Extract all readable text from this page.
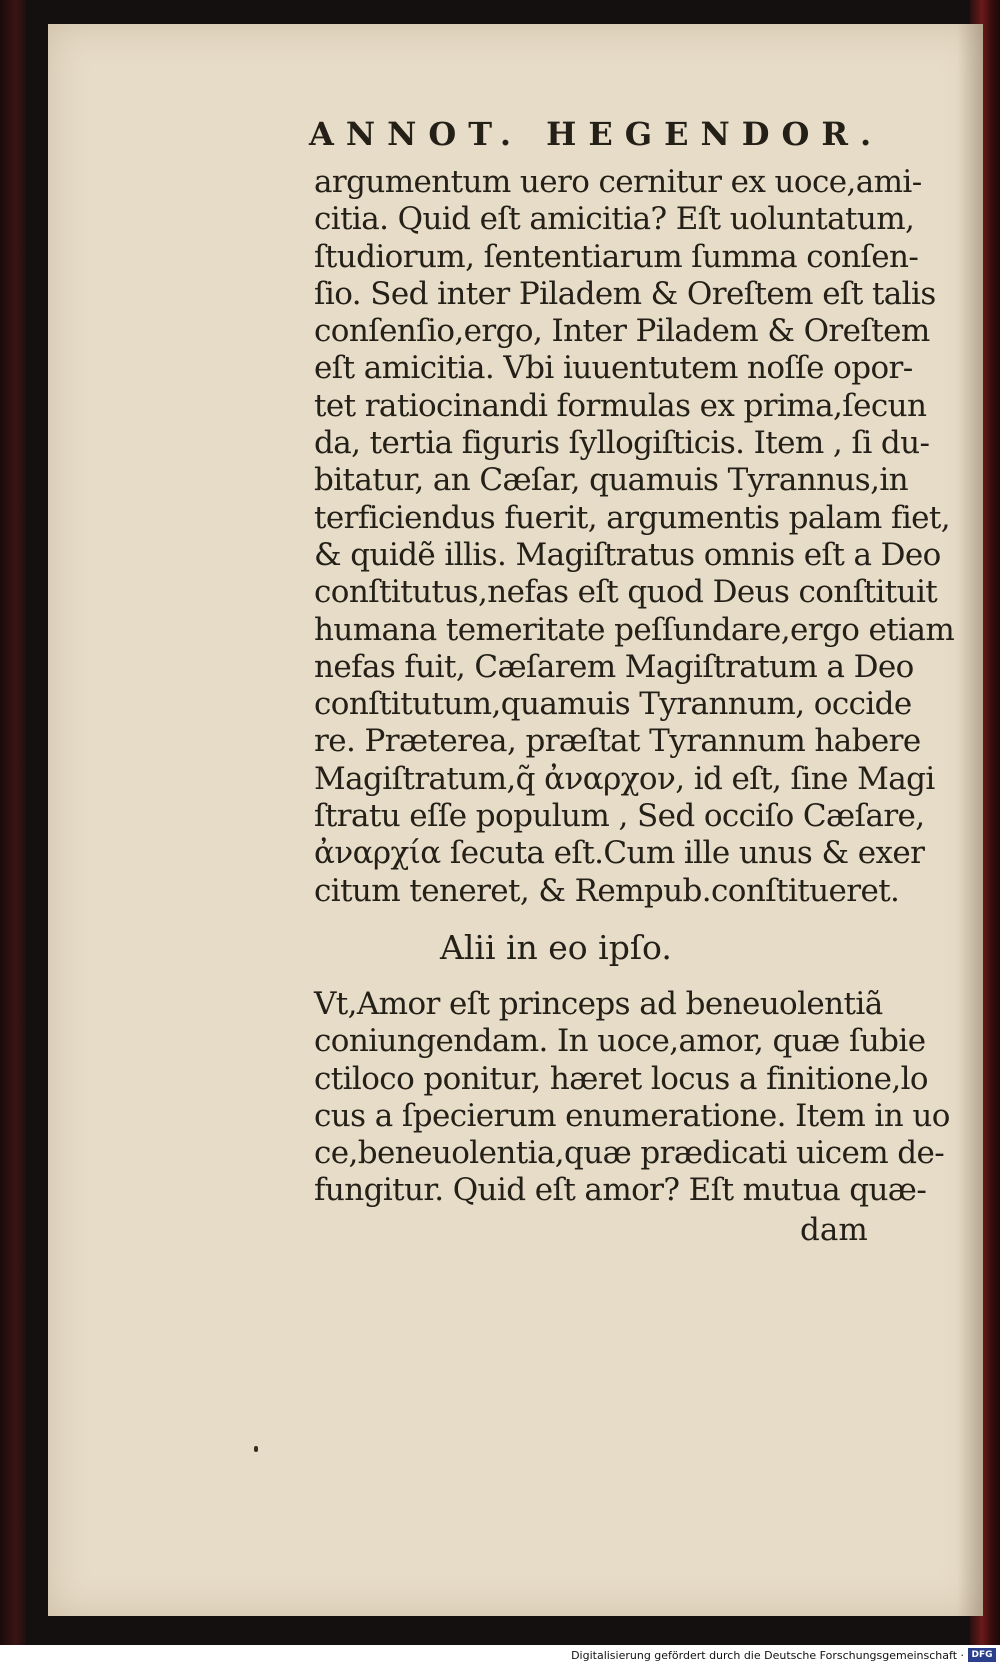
ANNOT. HEGENDOR.
argumentum uero cernitur ex uoce,ami‐
citia. Quid eſt amicitia? Eſt uoluntatum,
ſtudiorum, ſententiarum ſumma conſen‐
ſio. Sed inter Piladem & Oreſtem eſt talis
conſenſio,ergo, Inter Piladem & Oreſtem
eſt amicitia. Vbi iuuentutem noſſe opor‐
tet ratiocinandi formulas ex prima,ſecun
da, tertia figuris ſyllogiſticis. Item , ſi du‐
bitatur, an Cæſar, quamuis Tyrannus,in
terficiendus fuerit, argumentis palam fiet,
& quidẽ illis. Magiſtratus omnis eſt a Deo
conſtitutus,nefas eſt quod Deus conſtituit
humana temeritate peſſundare,ergo etiam
nefas fuit, Cæſarem Magiſtratum a Deo
conſtitutum,quamuis Tyrannum, occide
re. Præterea, præſtat Tyrannum habere
Magiſtratum,q̃ ἀναρχον, id eſt, ſine Magi
ſtratu eſſe populum , Sed occiſo Cæſare,
ἀναρχία ſecuta eſt.Cum ille unus & exer
citum teneret, & Rempub.conſtitueret.
Alii in eo ipſo.
Vt,Amor eſt princeps ad beneuolentiã
coniungendam. In uoce,amor, quæ ſubie
ctiloco ponitur, hæret locus a finitione,lo
cus a ſpecierum enumeratione. Item in uo
ce,beneuolentia,quæ prædicati uicem de‐
fungitur. Quid eſt amor? Eſt mutua quæ‐
dam
Digitalisierung gefördert durch die Deutsche Forschungsgemeinschaft · DFG
